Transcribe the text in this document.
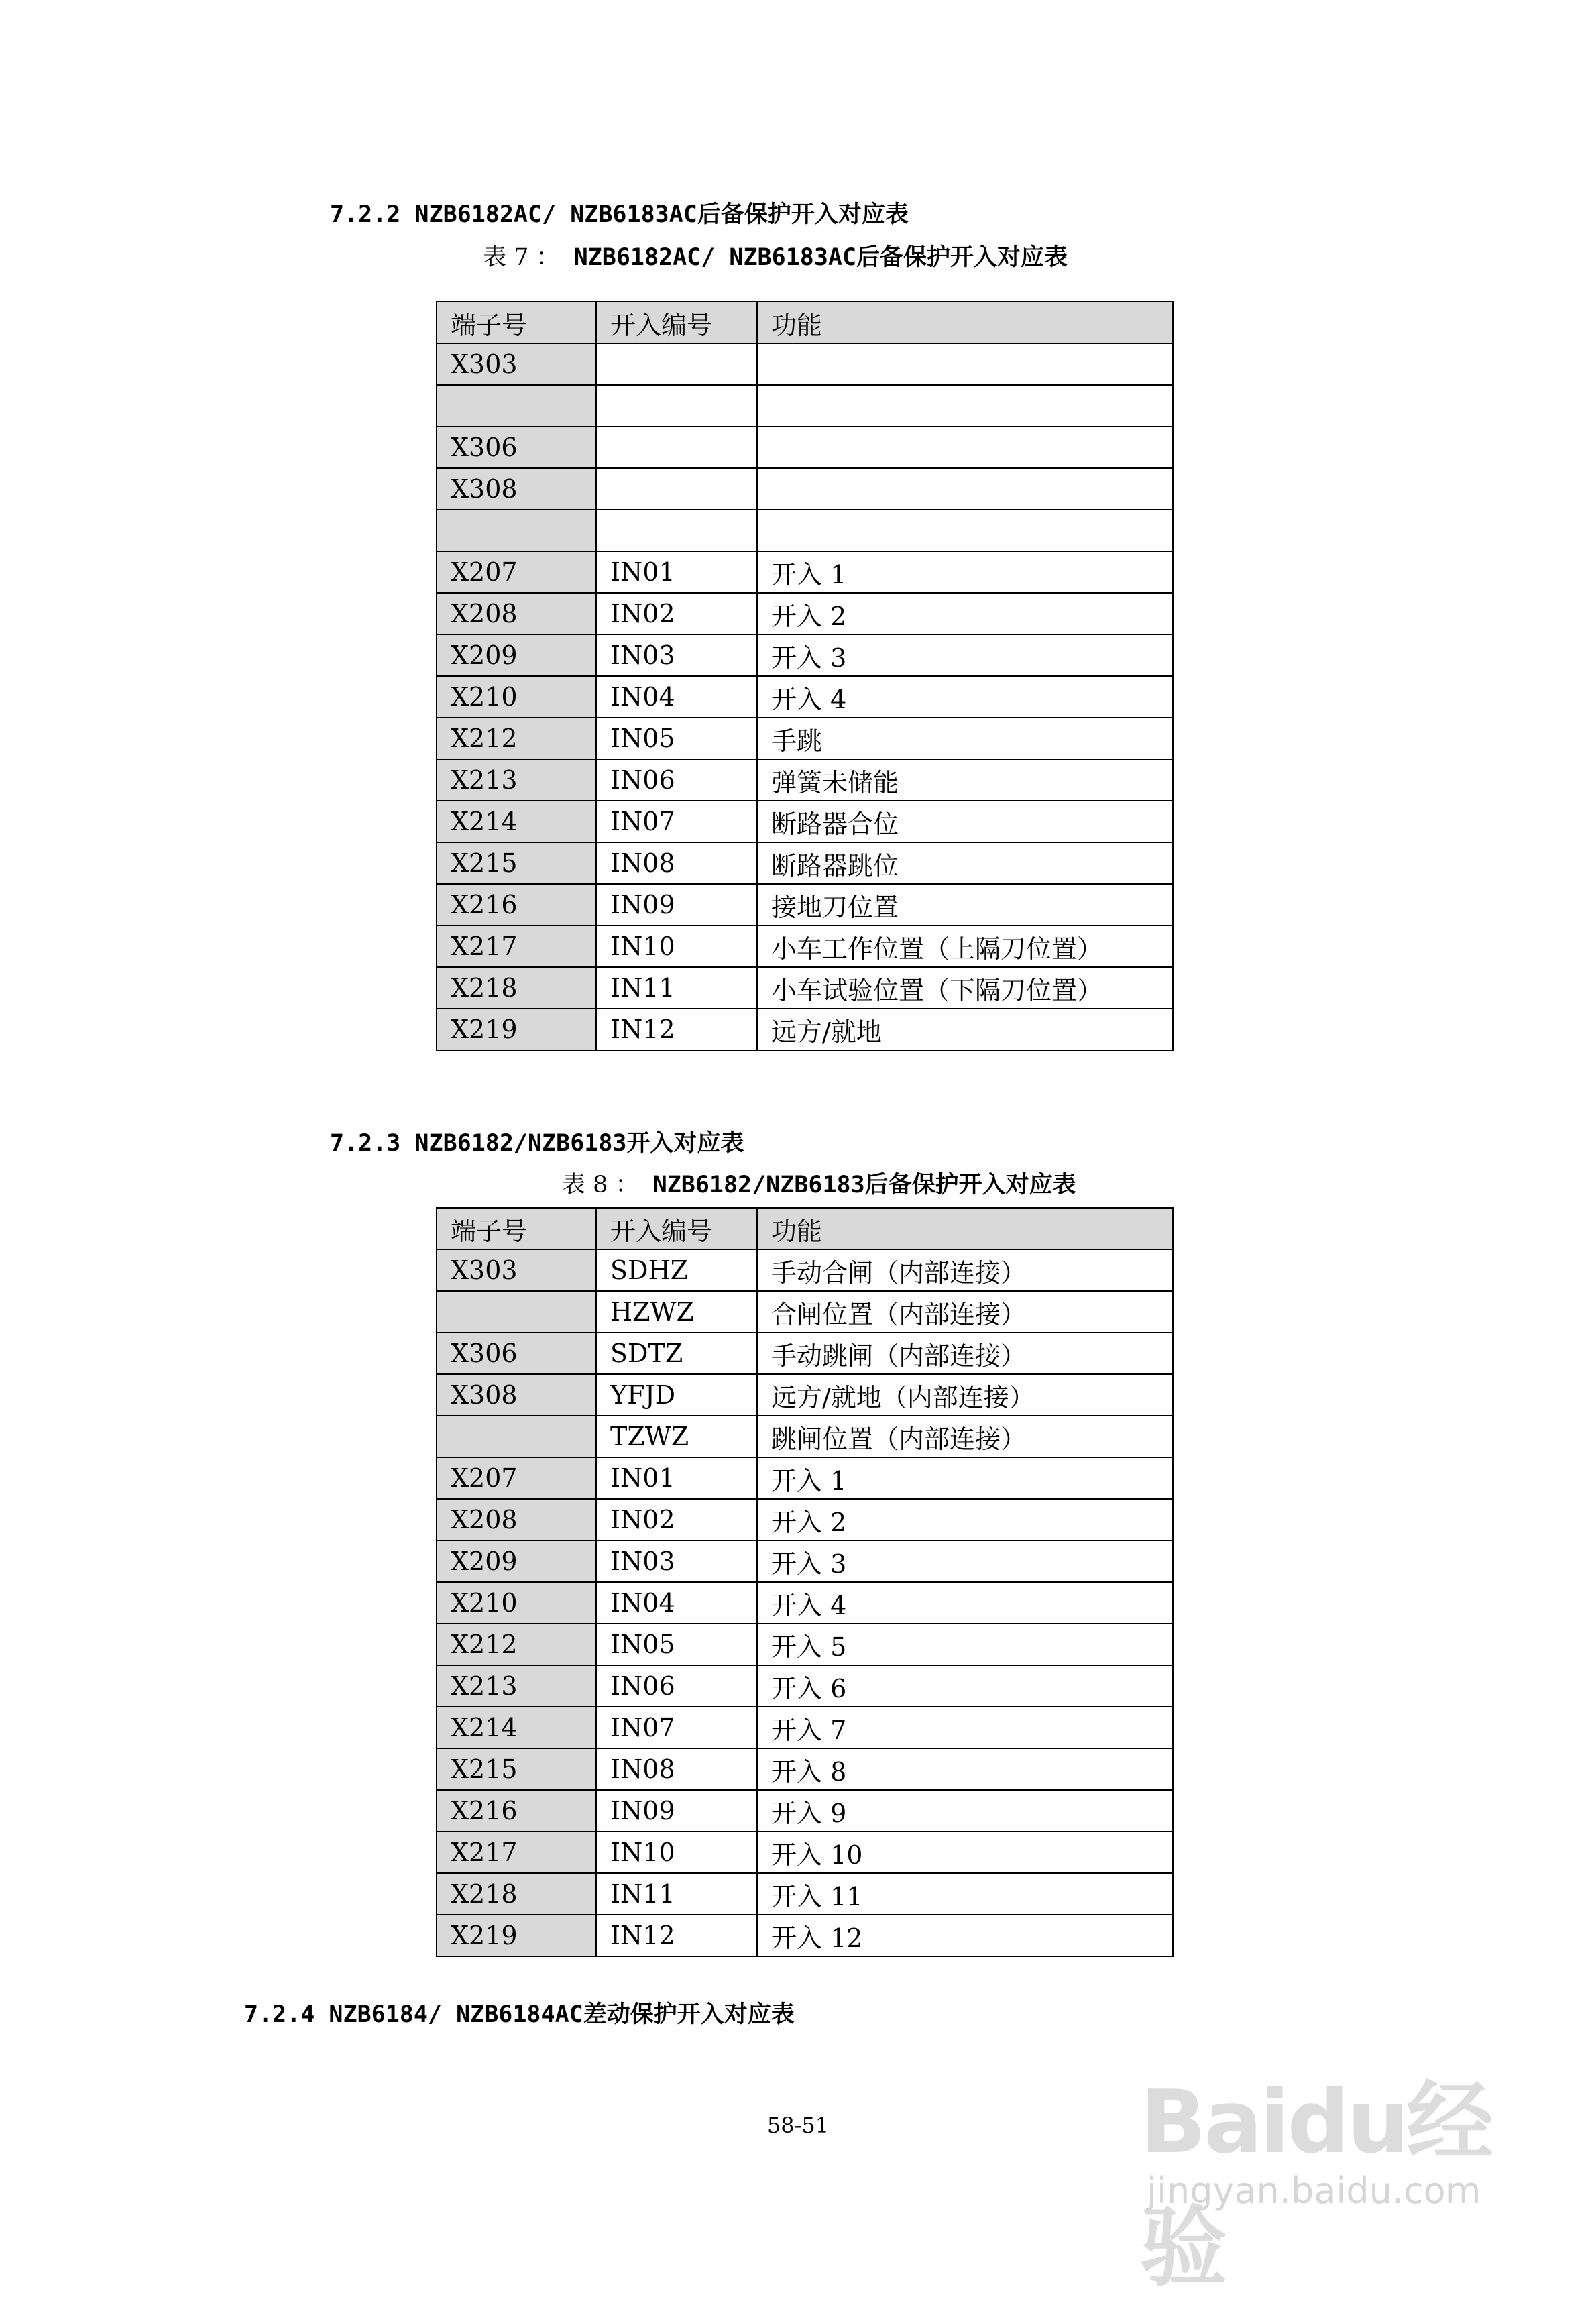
7.2.2 NZB6182AC/ NZB6183AC后备保护开入对应表
表 7 ： NZB6182AC/ NZB6183AC后备保护开入对应表
端子号	开入编号	功能
X303		

X306		
X308		

X207	IN01	开入 1
X208	IN02	开入 2
X209	IN03	开入 3
X210	IN04	开入 4
X212	IN05	手跳
X213	IN06	弹簧未储能
X214	IN07	断路器合位
X215	IN08	断路器跳位
X216	IN09	接地刀位置
X217	IN10	小车工作位置（上隔刀位置）
X218	IN11	小车试验位置（下隔刀位置）
X219	IN12	远方/就地
7.2.3 NZB6182/NZB6183开入对应表
表 8 ： NZB6182/NZB6183后备保护开入对应表
端子号	开入编号	功能
X303	SDHZ	手动合闸（内部连接）
	HZWZ	合闸位置（内部连接）
X306	SDTZ	手动跳闸（内部连接）
X308	YFJD	远方/就地（内部连接）
	TZWZ	跳闸位置（内部连接）
X207	IN01	开入 1
X208	IN02	开入 2
X209	IN03	开入 3
X210	IN04	开入 4
X212	IN05	开入 5
X213	IN06	开入 6
X214	IN07	开入 7
X215	IN08	开入 8
X216	IN09	开入 9
X217	IN10	开入 10
X218	IN11	开入 11
X219	IN12	开入 12
7.2.4 NZB6184/ NZB6184AC差动保护开入对应表
58-51	Baidu经验
jingyan.baidu.com
